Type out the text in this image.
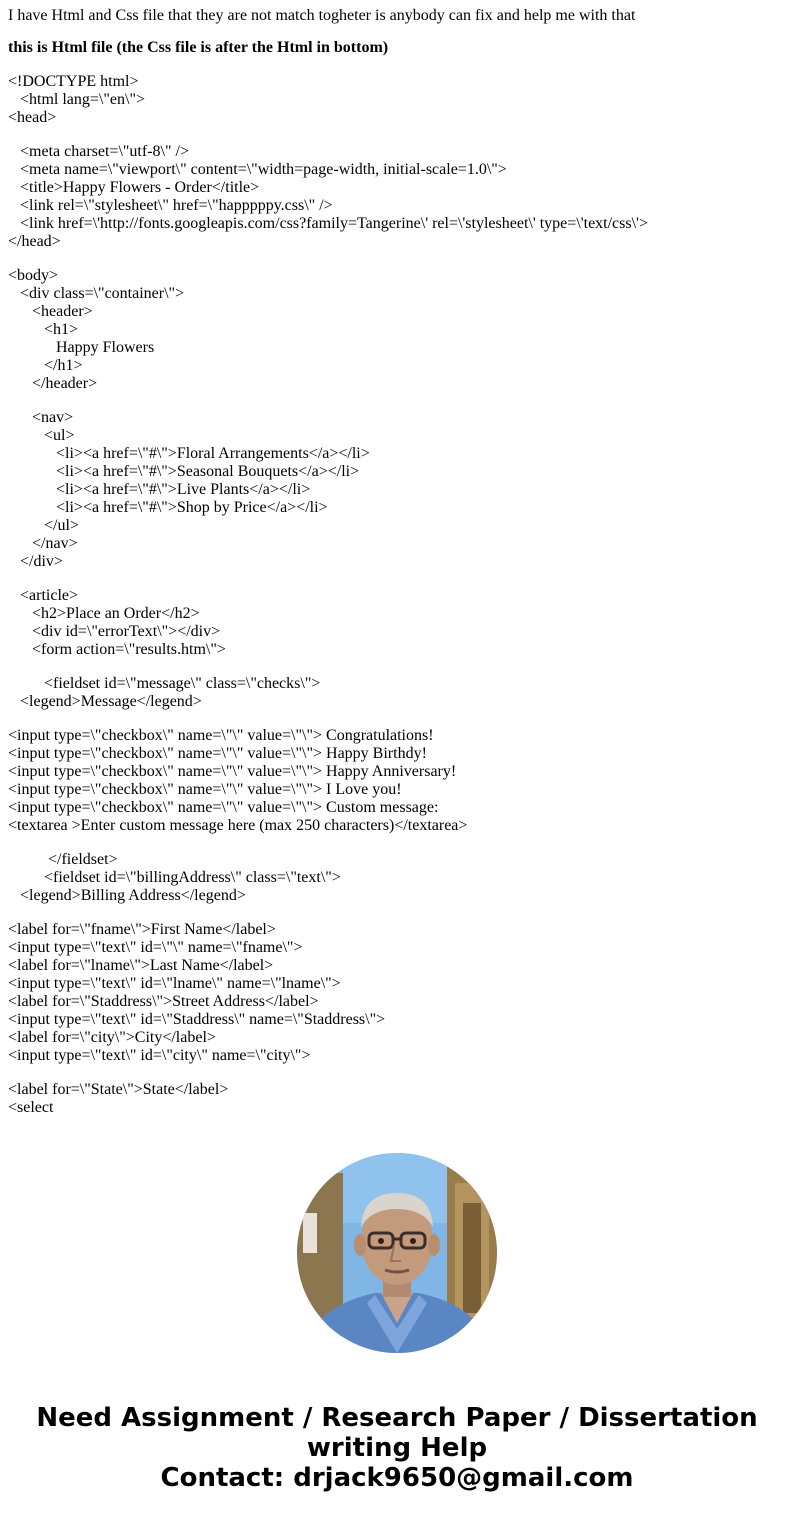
I have Html and Css file that they are not match togheter is anybody can fix and help me with that

this is Html file (the Css file is after the Html in bottom)

<!DOCTYPE html>
<html lang=\"en\">
<head>
<meta charset=\"utf-8\" />
<meta name=\"viewport\" content=\"width=page-width, initial-scale=1.0\">
<title>Happy Flowers - Order</title>
<link rel=\"stylesheet\" href=\"happpppy.css\" />
<link href=\'http://fonts.googleapis.com/css?family=Tangerine\' rel=\'stylesheet\' type=\'text/css\'>
</head>
<body>
<div class=\"container\">
<header>
<h1>
Happy Flowers
</h1>
</header>
<nav>
<ul>
<li><a href=\"#\">Floral Arrangements</a></li>
<li><a href=\"#\">Seasonal Bouquets</a></li>
<li><a href=\"#\">Live Plants</a></li>
<li><a href=\"#\">Shop by Price</a></li>
</ul>
</nav>
</div>
<article>
<h2>Place an Order</h2>
<div id=\"errorText\"></div>
<form action=\"results.htm\">
<fieldset id=\"message\" class=\"checks\">
<legend>Message</legend>
<input type=\"checkbox\" name=\"\" value=\"\"> Congratulations!
<input type=\"checkbox\" name=\"\" value=\"\"> Happy Birthdy!
<input type=\"checkbox\" name=\"\" value=\"\"> Happy Anniversary!
<input type=\"checkbox\" name=\"\" value=\"\"> I Love you!
<input type=\"checkbox\" name=\"\" value=\"\"> Custom message:
<textarea >Enter custom message here (max 250 characters)</textarea>
</fieldset>
<fieldset id=\"billingAddress\" class=\"text\">
<legend>Billing Address</legend>
<label for=\"fname\">First Name</label>
<input type=\"text\" id=\"\" name=\"fname\">
<label for=\"lname\">Last Name</label>
<input type=\"text\" id=\"lname\" name=\"lname\">
<label for=\"Staddress\">Street Address</label>
<input type=\"text\" id=\"Staddress\" name=\"Staddress\">
<label for=\"city\">City</label>
<input type=\"text\" id=\"city\" name=\"city\">
<label for=\"State\">State</label>
<select
Need Assignment / Research Paper / Dissertation
writing Help
Contact: drjack9650@gmail.com
